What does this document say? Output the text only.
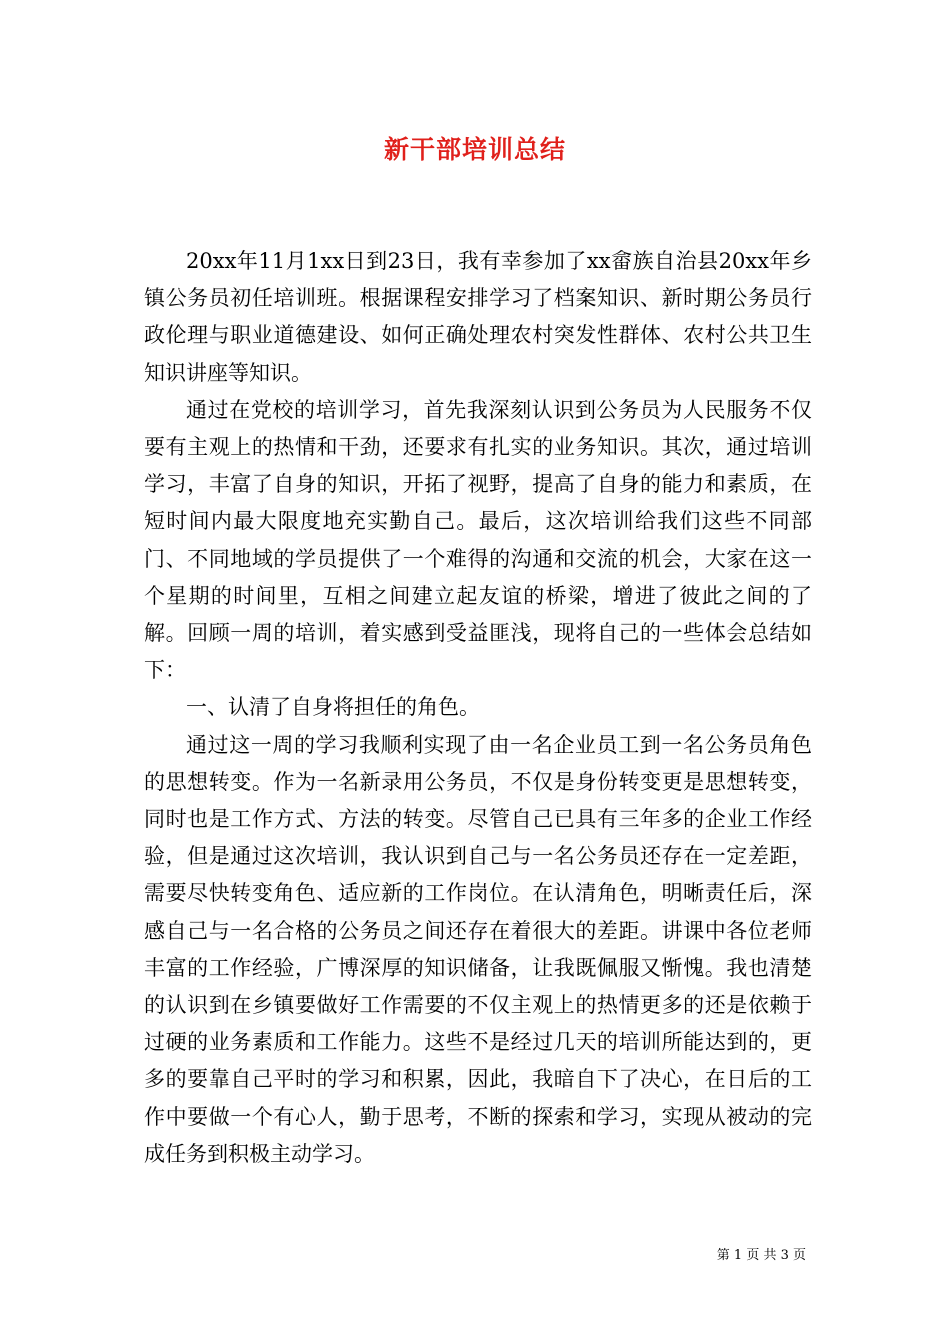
新干部培训总结

20xx年11月1xx日到23日，我有幸参加了xx畲族自治县20xx年乡镇公务员初任培训班。根据课程安排学习了档案知识、新时期公务员行政伦理与职业道德建设、如何正确处理农村突发性群体、农村公共卫生知识讲座等知识。

通过在党校的培训学习，首先我深刻认识到公务员为人民服务不仅要有主观上的热情和干劲，还要求有扎实的业务知识。其次，通过培训学习，丰富了自身的知识，开拓了视野，提高了自身的能力和素质，在短时间内最大限度地充实勤自己。最后，这次培训给我们这些不同部门、不同地域的学员提供了一个难得的沟通和交流的机会，大家在这一个星期的时间里，互相之间建立起友谊的桥梁，增进了彼此之间的了解。回顾一周的培训，着实感到受益匪浅，现将自己的一些体会总结如下：

一、认清了自身将担任的角色。

通过这一周的学习我顺利实现了由一名企业员工到一名公务员角色的思想转变。作为一名新录用公务员，不仅是身份转变更是思想转变，同时也是工作方式、方法的转变。尽管自己已具有三年多的企业工作经验，但是通过这次培训，我认识到自己与一名公务员还存在一定差距，需要尽快转变角色、适应新的工作岗位。在认清角色，明晰责任后，深感自己与一名合格的公务员之间还存在着很大的差距。讲课中各位老师丰富的工作经验，广博深厚的知识储备，让我既佩服又惭愧。我也清楚的认识到在乡镇要做好工作需要的不仅主观上的热情更多的还是依赖于过硬的业务素质和工作能力。这些不是经过几天的培训所能达到的，更多的要靠自己平时的学习和积累，因此，我暗自下了决心，在日后的工作中要做一个有心人，勤于思考，不断的探索和学习，实现从被动的完成任务到积极主动学习。

第 1 页 共 3 页
